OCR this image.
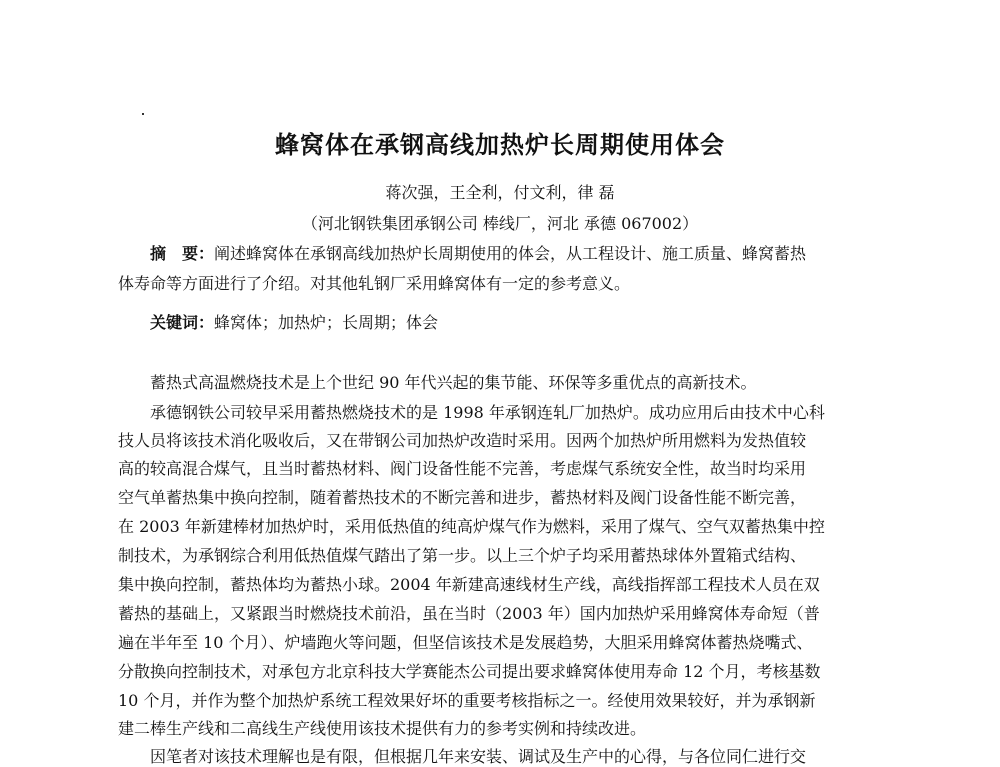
蜂窝体在承钢高线加热炉长周期使用体会
蒋次强，王全利，付文利，律 磊
（河北钢铁集团承钢公司 棒线厂，河北 承德 067002）
摘　要：阐述蜂窝体在承钢高线加热炉长周期使用的体会，从工程设计、施工质量、蜂窝蓄热
体寿命等方面进行了介绍。对其他轧钢厂采用蜂窝体有一定的参考意义。
关键词：蜂窝体；加热炉；长周期；体会
蓄热式高温燃烧技术是上个世纪 90 年代兴起的集节能、环保等多重优点的高新技术。
承德钢铁公司较早采用蓄热燃烧技术的是 1998 年承钢连轧厂加热炉。成功应用后由技术中心科
技人员将该技术消化吸收后，又在带钢公司加热炉改造时采用。因两个加热炉所用燃料为发热值较
高的较高混合煤气，且当时蓄热材料、阀门设备性能不完善，考虑煤气系统安全性，故当时均采用
空气单蓄热集中换向控制，随着蓄热技术的不断完善和进步，蓄热材料及阀门设备性能不断完善，
在 2003 年新建棒材加热炉时，采用低热值的纯高炉煤气作为燃料，采用了煤气、空气双蓄热集中控
制技术，为承钢综合利用低热值煤气踏出了第一步。以上三个炉子均采用蓄热球体外置箱式结构、
集中换向控制，蓄热体均为蓄热小球。2004 年新建高速线材生产线，高线指挥部工程技术人员在双
蓄热的基础上，又紧跟当时燃烧技术前沿，虽在当时（2003 年）国内加热炉采用蜂窝体寿命短（普
遍在半年至 10 个月）、炉墙跑火等问题，但坚信该技术是发展趋势，大胆采用蜂窝体蓄热烧嘴式、
分散换向控制技术，对承包方北京科技大学赛能杰公司提出要求蜂窝体使用寿命 12 个月，考核基数
10 个月，并作为整个加热炉系统工程效果好坏的重要考核指标之一。经使用效果较好，并为承钢新
建二棒生产线和二高线生产线使用该技术提供有力的参考实例和持续改进。
因笔者对该技术理解也是有限，但根据几年来安装、调试及生产中的心得，与各位同仁进行交
